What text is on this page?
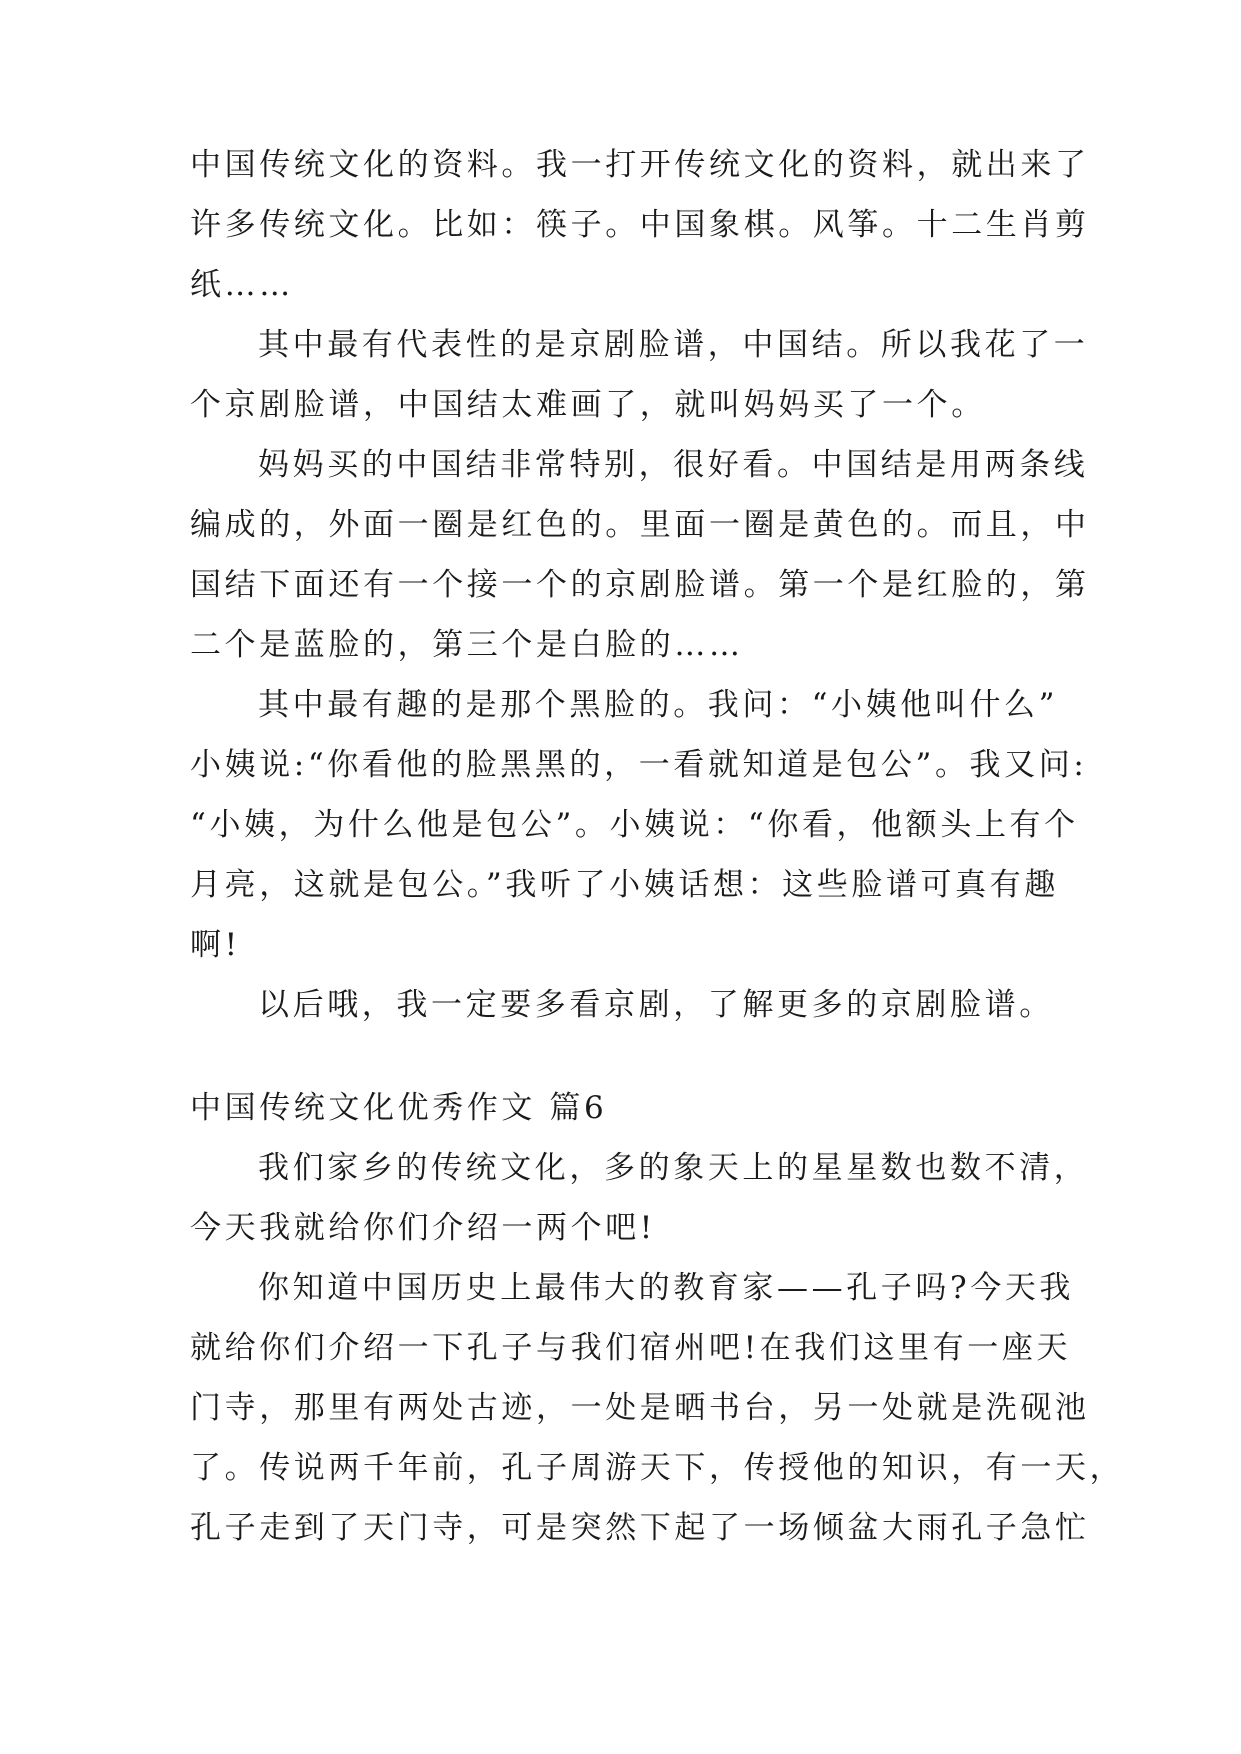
中国传统文化的资料。我一打开传统文化的资料，就出来了
许多传统文化。比如：筷子。中国象棋。风筝。十二生肖剪
纸……
其中最有代表性的是京剧脸谱，中国结。所以我花了一
个京剧脸谱，中国结太难画了，就叫妈妈买了一个。
妈妈买的中国结非常特别，很好看。中国结是用两条线
编成的，外面一圈是红色的。里面一圈是黄色的。而且，中
国结下面还有一个接一个的京剧脸谱。第一个是红脸的，第
二个是蓝脸的，第三个是白脸的……
其中最有趣的是那个黑脸的。我问：“小姨他叫什么”
小姨说:“你看他的脸黑黑的，一看就知道是包公”。我又问:
“小姨，为什么他是包公”。小姨说：“你看，他额头上有个
月亮，这就是包公。”我听了小姨话想：这些脸谱可真有趣
啊!
以后哦，我一定要多看京剧，了解更多的京剧脸谱。
中国传统文化优秀作文 篇6
我们家乡的传统文化，多的象天上的星星数也数不清，
今天我就给你们介绍一两个吧!
你知道中国历史上最伟大的教育家——孔子吗?今天我
就给你们介绍一下孔子与我们宿州吧!在我们这里有一座天
门寺，那里有两处古迹，一处是晒书台，另一处就是洗砚池
了。传说两千年前，孔子周游天下，传授他的知识，有一天，
孔子走到了天门寺，可是突然下起了一场倾盆大雨孔子急忙
